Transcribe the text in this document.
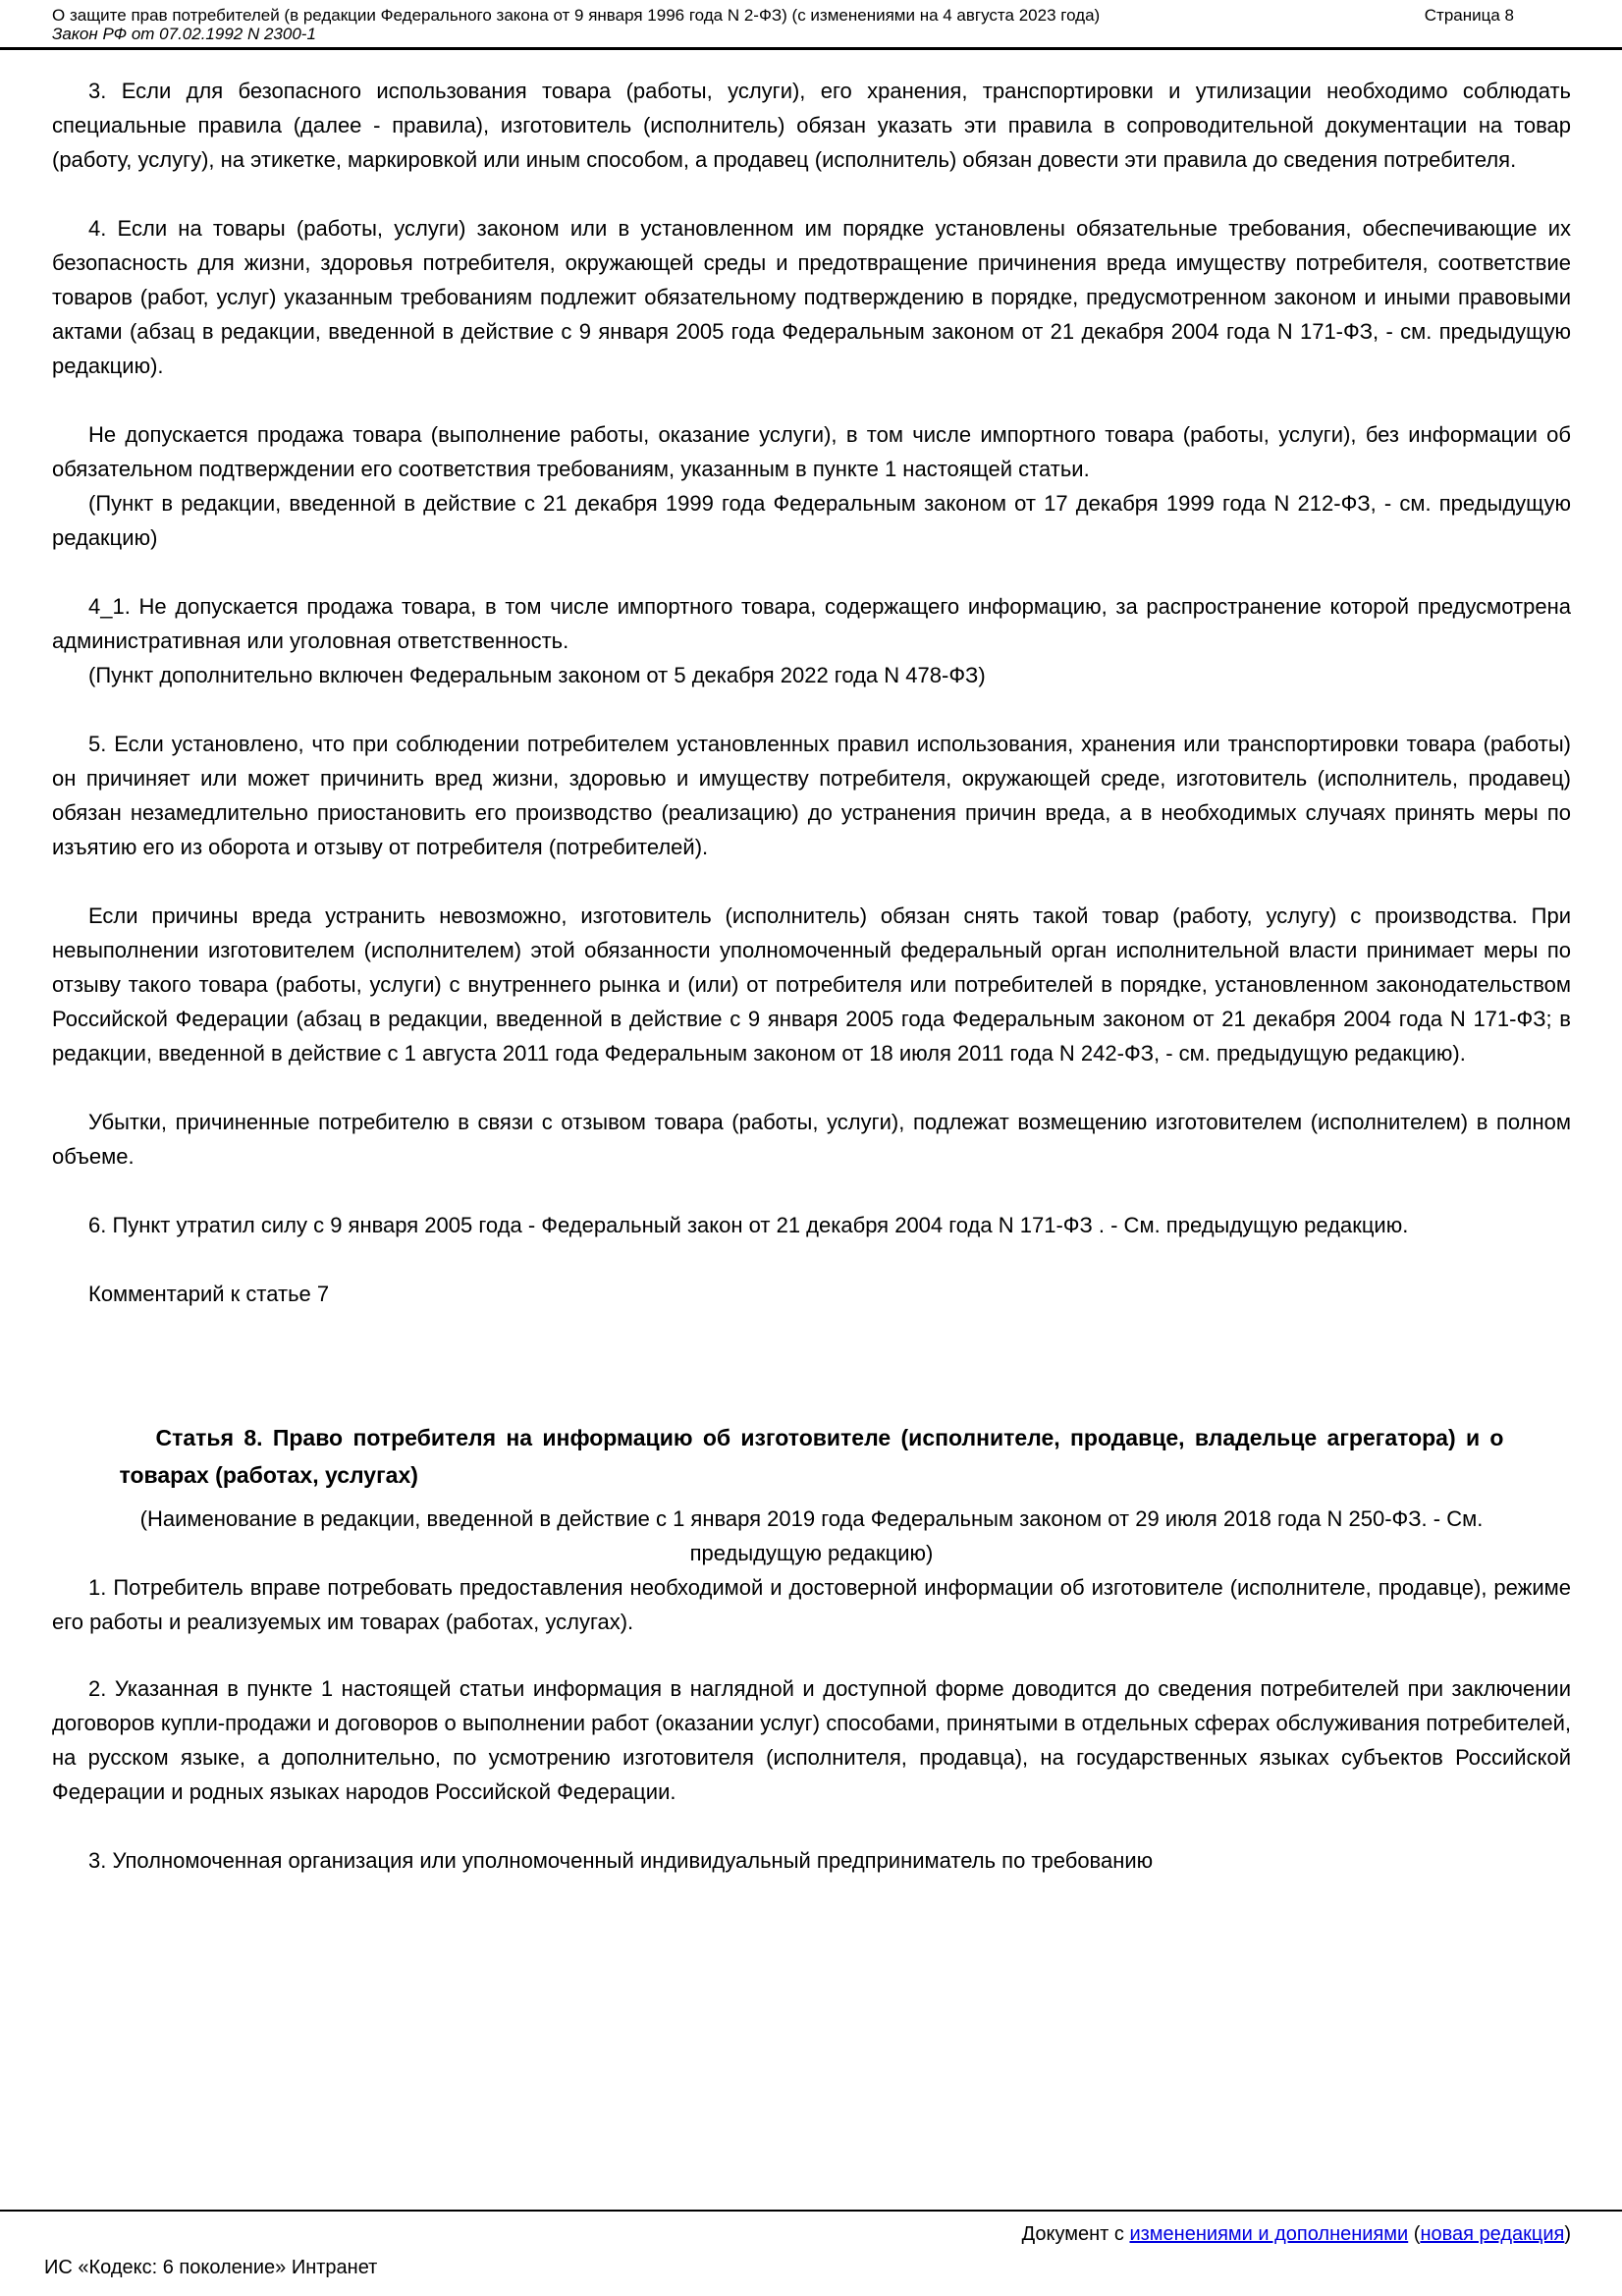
О защите прав потребителей (в редакции Федерального закона от 9 января 1996 года N 2-ФЗ) (с изменениями на 4 августа 2023 года)	Страница 8
Закон РФ от 07.02.1992 N 2300-1

3. Если для безопасного использования товара (работы, услуги), его хранения, транспортировки и утилизации необходимо соблюдать специальные правила (далее - правила), изготовитель (исполнитель) обязан указать эти правила в сопроводительной документации на товар (работу, услугу), на этикетке, маркировкой или иным способом, а продавец (исполнитель) обязан довести эти правила до сведения потребителя.

4. Если на товары (работы, услуги) законом или в установленном им порядке установлены обязательные требования, обеспечивающие их безопасность для жизни, здоровья потребителя, окружающей среды и предотвращение причинения вреда имуществу потребителя, соответствие товаров (работ, услуг) указанным требованиям подлежит обязательному подтверждению в порядке, предусмотренном законом и иными правовыми актами (абзац в редакции, введенной в действие с 9 января 2005 года Федеральным законом от 21 декабря 2004 года N 171-ФЗ, - см. предыдущую редакцию).

Не допускается продажа товара (выполнение работы, оказание услуги), в том числе импортного товара (работы, услуги), без информации об обязательном подтверждении его соответствия требованиям, указанным в пункте 1 настоящей статьи.

(Пункт в редакции, введенной в действие с 21 декабря 1999 года Федеральным законом от 17 декабря 1999 года N 212-ФЗ, - см. предыдущую редакцию)

4_1. Не допускается продажа товара, в том числе импортного товара, содержащего информацию, за распространение которой предусмотрена административная или уголовная ответственность.

(Пункт дополнительно включен Федеральным законом от 5 декабря 2022 года N 478-ФЗ)

5. Если установлено, что при соблюдении потребителем установленных правил использования, хранения или транспортировки товара (работы) он причиняет или может причинить вред жизни, здоровью и имуществу потребителя, окружающей среде, изготовитель (исполнитель, продавец) обязан незамедлительно приостановить его производство (реализацию) до устранения причин вреда, а в необходимых случаях принять меры по изъятию его из оборота и отзыву от потребителя (потребителей).

Если причины вреда устранить невозможно, изготовитель (исполнитель) обязан снять такой товар (работу, услугу) с производства. При невыполнении изготовителем (исполнителем) этой обязанности уполномоченный федеральный орган исполнительной власти принимает меры по отзыву такого товара (работы, услуги) с внутреннего рынка и (или) от потребителя или потребителей в порядке, установленном законодательством Российской Федерации (абзац в редакции, введенной в действие с 9 января 2005 года Федеральным законом от 21 декабря 2004 года N 171-ФЗ; в редакции, введенной в действие с 1 августа 2011 года Федеральным законом от 18 июля 2011 года N 242-ФЗ, - см. предыдущую редакцию).

Убытки, причиненные потребителю в связи с отзывом товара (работы, услуги), подлежат возмещению изготовителем (исполнителем) в полном объеме.

6. Пункт утратил силу с 9 января 2005 года - Федеральный закон от 21 декабря 2004 года N 171-ФЗ . - См. предыдущую редакцию.

Комментарий к статье 7

Статья 8. Право потребителя на информацию об изготовителе (исполнителе, продавце, владельце агрегатора) и о товарах (работах, услугах)

(Наименование в редакции, введенной в действие с 1 января 2019 года Федеральным законом от 29 июля 2018 года N 250-ФЗ. - См. предыдущую редакцию)

1. Потребитель вправе потребовать предоставления необходимой и достоверной информации об изготовителе (исполнителе, продавце), режиме его работы и реализуемых им товарах (работах, услугах).

2. Указанная в пункте 1 настоящей статьи информация в наглядной и доступной форме доводится до сведения потребителей при заключении договоров купли-продажи и договоров о выполнении работ (оказании услуг) способами, принятыми в отдельных сферах обслуживания потребителей, на русском языке, а дополнительно, по усмотрению изготовителя (исполнителя, продавца), на государственных языках субъектов Российской Федерации и родных языках народов Российской Федерации.

3. Уполномоченная организация или уполномоченный индивидуальный предприниматель по требованию

Документ с изменениями и дополнениями (новая редакция)
ИС «Кодекс: 6 поколение» Интранет
